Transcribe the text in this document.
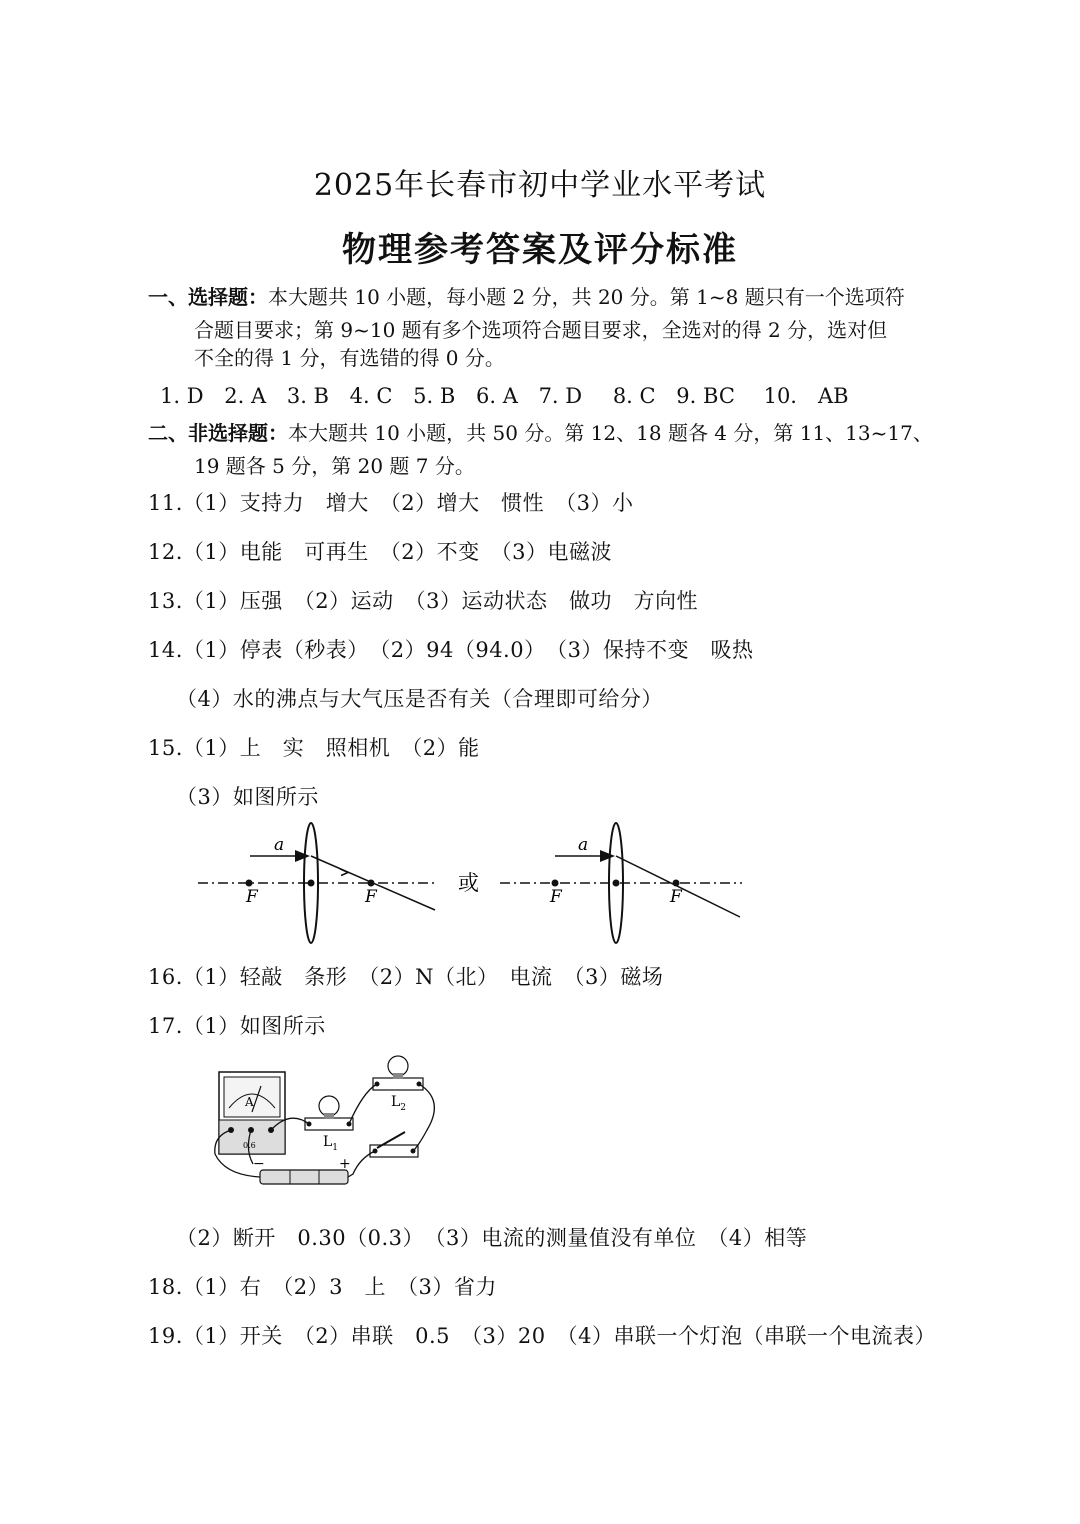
2025年长春市初中学业水平考试
物理参考答案及评分标准
一、选择题：本大题共 10 小题，每小题 2 分，共 20 分。第 1~8 题只有一个选项符
合题目要求；第 9~10 题有多个选项符合题目要求，全选对的得 2 分，选对但
不全的得 1 分，有选错的得 0 分。
1. D 2. A 3. B 4. C 5. B 6. A 7. D 8. C 9. BC 10.　AB
二、非选择题：本大题共 10 小题，共 50 分。第 12、18 题各 4 分，第 11、13~17、
19 题各 5 分，第 20 题 7 分。
11.（1）支持力　增大　（2）增大　惯性　（3）小
12.（1）电能　可再生　（2）不变　（3）电磁波
13.（1）压强　（2）运动　（3）运动状态　做功　方向性
14.（1）停表（秒表）　（2）94（94.0）　（3）保持不变　吸热
（4）水的沸点与大气压是否有关（合理即可给分）
15.（1）上　实　照相机　（2）能
（3）如图所示
a
F	F
或
a
F	F
16.（1）轻敲　条形　（2）N（北）　电流　（3）磁场
17.（1）如图所示
A
0.6	$L_1$
$L_2$
−	+
（2）断开　0.30（0.3）　（3）电流的测量值没有单位　（4）相等
18.（1）右　（2）3　上　（3）省力
19.（1）开关　（2）串联　0.5　（3）20　（4）串联一个灯泡（串联一个电流表）
